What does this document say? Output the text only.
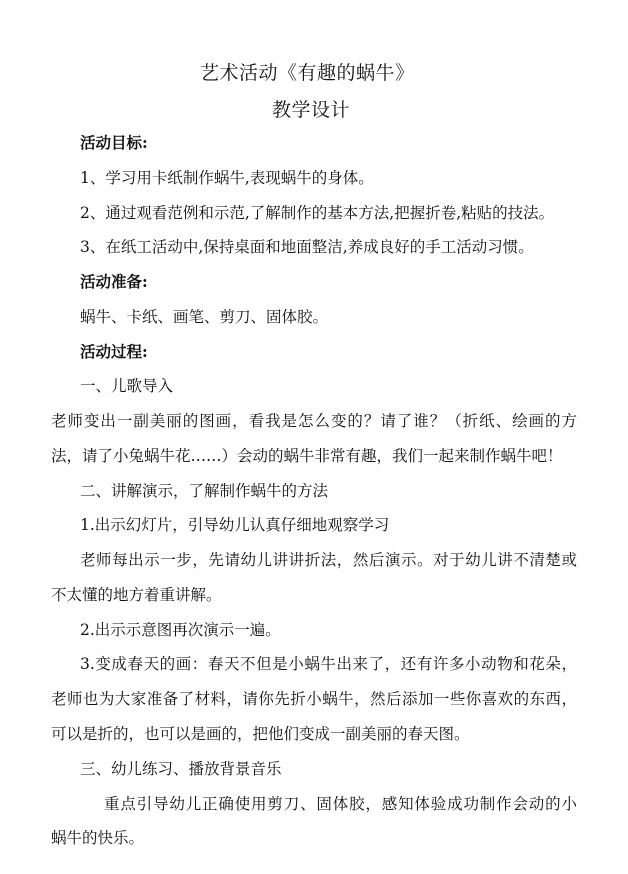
艺术活动《有趣的蜗牛》
教学设计
活动目标:
1、学习用卡纸制作蜗牛,表现蜗牛的身体。
2、通过观看范例和示范,了解制作的基本方法,把握折卷,粘贴的技法。
3、在纸工活动中,保持桌面和地面整洁,养成良好的手工活动习惯。
活动准备:
蜗牛、卡纸、画笔、剪刀、固体胶。
活动过程:
一、儿歌导入
老师变出一副美丽的图画，看我是怎么变的？请了谁？（折纸、绘画的方
法，请了小兔蜗牛花……）会动的蜗牛非常有趣，我们一起来制作蜗牛吧！
二、讲解演示，了解制作蜗牛的方法
1.出示幻灯片，引导幼儿认真仔细地观察学习
老师每出示一步，先请幼儿讲讲折法，然后演示。对于幼儿讲不清楚或
不太懂的地方着重讲解。
2.出示示意图再次演示一遍。
3.变成春天的画：春天不但是小蜗牛出来了，还有许多小动物和花朵，
老师也为大家准备了材料，请你先折小蜗牛，然后添加一些你喜欢的东西，
可以是折的，也可以是画的，把他们变成一副美丽的春天图。
三、幼儿练习、播放背景音乐
重点引导幼儿正确使用剪刀、固体胶，感知体验成功制作会动的小
蜗牛的快乐。
